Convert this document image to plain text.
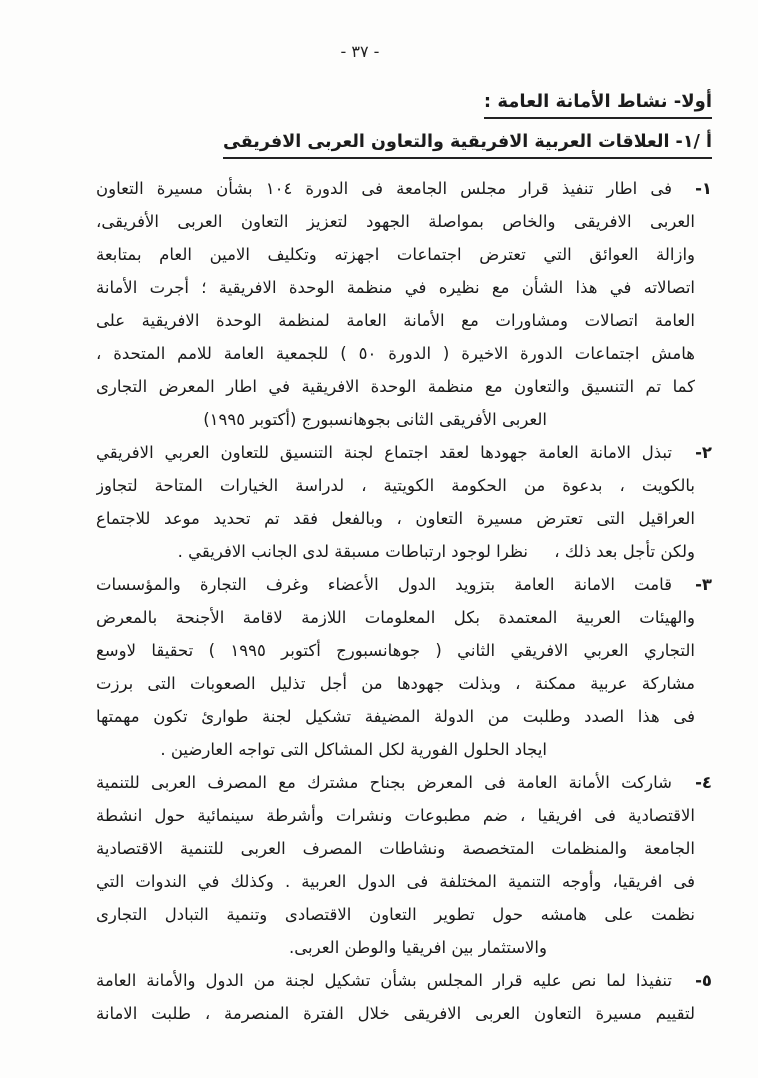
- ٣٧ -
أولا- نشاط الأمانة العامة :
أ /١- العلاقات العربية الافريقية والتعاون العربى الافريقى
١-
فى اطار تنفيذ قرار مجلس الجامعة فى الدورة ١٠٤ بشأن مسيرة التعاون
العربى الافريقى والخاص بمواصلة الجهود لتعزيز التعاون العربى الأفريقى،
وازالة العوائق التي تعترض اجتماعات اجهزته وتكليف الامين العام بمتابعة
اتصالاته في هذا الشأن مع نظيره في منظمة الوحدة الافريقية ؛ أجرت الأمانة
العامة اتصالات ومشاورات مع الأمانة العامة لمنظمة الوحدة الافريقية على
هامش اجتماعات الدورة الاخيرة ( الدورة ٥٠ ) للجمعية العامة للامم المتحدة ،
كما تم التنسيق والتعاون مع منظمة الوحدة الافريقية في اطار المعرض التجارى
العربى الأفريقى الثانى بجوهانسبورج (أكتوبر ١٩٩٥)
٢-
تبذل الامانة العامة جهودها لعقد اجتماع لجنة التنسيق للتعاون العربي الافريقي
بالكويت ، بدعوة من الحكومة الكويتية ، لدراسة الخيارات المتاحة لتجاوز
العراقيل التى تعترض مسيرة التعاون ، وبالفعل فقد تم تحديد موعد للاجتماع
ولكن تأجل بعد ذلك ،     نظرا لوجود ارتباطات مسبقة لدى الجانب الافريقي .
٣-
قامت الامانة العامة بتزويد الدول الأعضاء وغرف التجارة والمؤسسات
والهيئات العربية المعتمدة بكل المعلومات اللازمة لاقامة الأجنحة بالمعرض
التجاري العربي الافريقي الثاني ( جوهانسبورج أكتوبر ١٩٩٥ ) تحقيقا لاوسع
مشاركة عربية ممكنة ، وبذلت جهودها من أجل تذليل الصعوبات التى برزت
فى هذا الصدد وطلبت من الدولة المضيفة تشكيل لجنة طوارئ تكون مهمتها
ايجاد الحلول الفورية لكل المشاكل التى تواجه العارضين .
٤-
شاركت الأمانة العامة فى المعرض بجناح مشترك مع المصرف العربى للتنمية
الاقتصادية فى افريقيا ، ضم مطبوعات ونشرات وأشرطة سينمائية حول انشطة
الجامعة والمنظمات المتخصصة ونشاطات المصرف العربى للتنمية الاقتصادية
فى افريقيا، وأوجه التنمية المختلفة فى الدول العربية . وكذلك في الندوات التي
نظمت على هامشه حول تطوير التعاون الاقتصادى وتنمية التبادل التجارى
والاستثمار بين افريقيا والوطن العربى.
٥-
تنفيذا لما نص عليه قرار المجلس بشأن تشكيل لجنة من الدول والأمانة العامة
لتقييم مسيرة التعاون العربى الافريقى خلال الفترة المنصرمة ، طلبت الامانة
